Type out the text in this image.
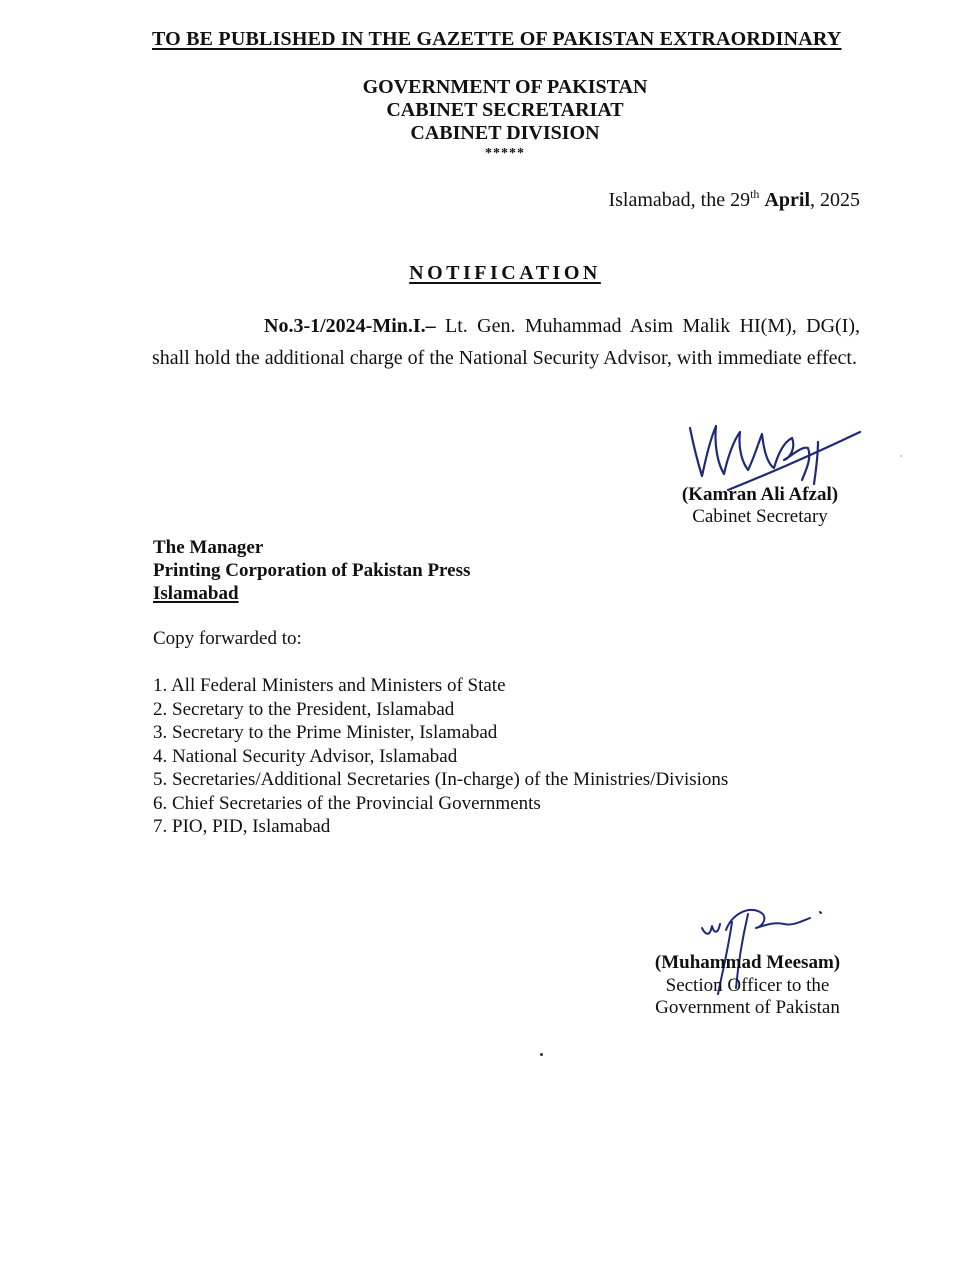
TO BE PUBLISHED IN THE GAZETTE OF PAKISTAN EXTRAORDINARY
GOVERNMENT OF PAKISTAN
CABINET SECRETARIAT
CABINET DIVISION
*****
Islamabad, the 29th April, 2025
NOTIFICATION
No.3-1/2024-Min.I.– Lt. Gen. Muhammad Asim Malik HI(M), DG(I), shall hold the additional charge of the National Security Advisor, with immediate effect.
(Kamran Ali Afzal)
Cabinet Secretary
The Manager
Printing Corporation of Pakistan Press
Islamabad
Copy forwarded to:
1. All Federal Ministers and Ministers of State
2. Secretary to the President, Islamabad
3. Secretary to the Prime Minister, Islamabad
4. National Security Advisor, Islamabad
5. Secretaries/Additional Secretaries (In-charge) of the Ministries/Divisions
6. Chief Secretaries of the Provincial Governments
7. PIO, PID, Islamabad
(Muhammad Meesam)
Section Officer to the
Government of Pakistan
